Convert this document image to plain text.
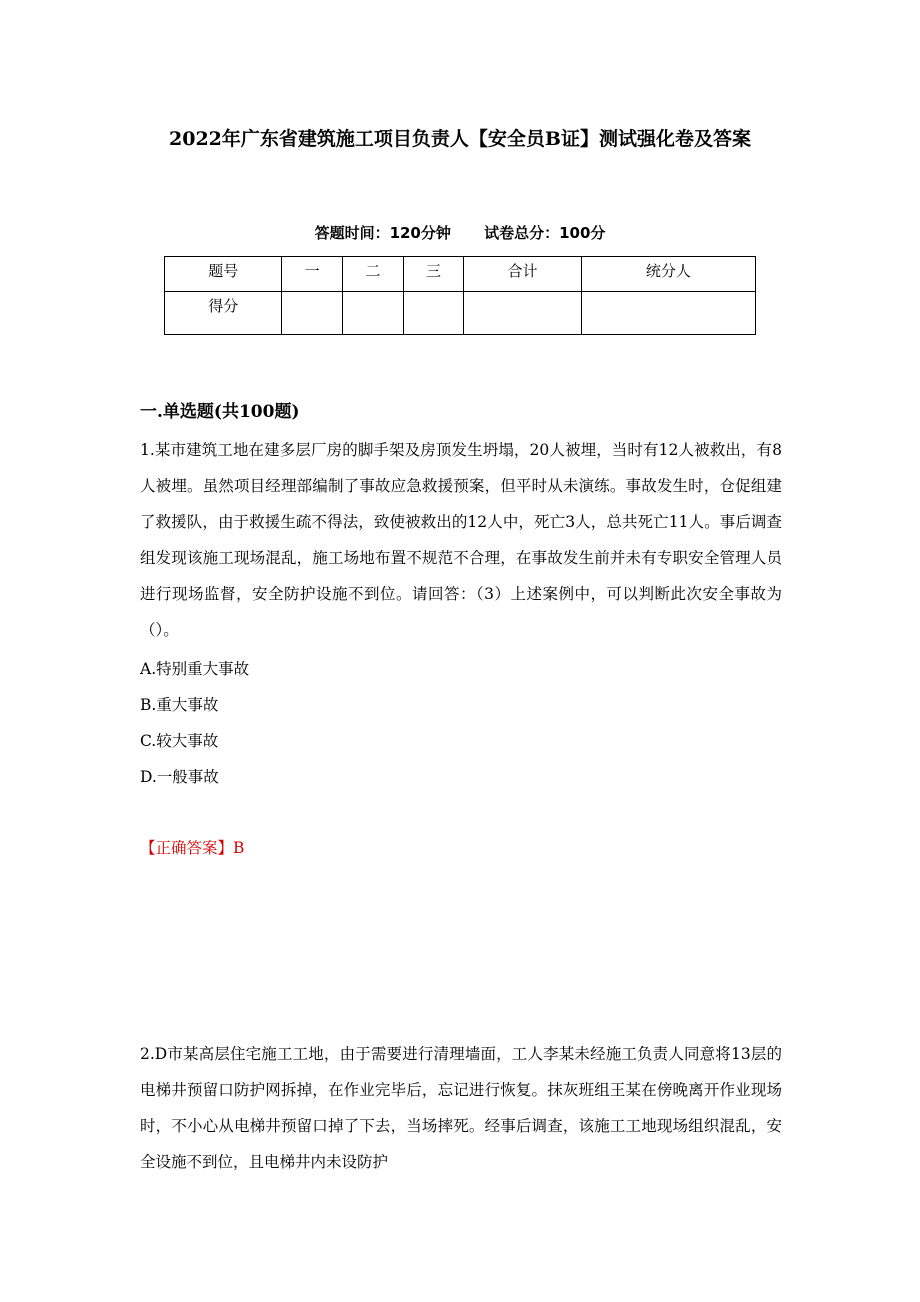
2022年广东省建筑施工项目负责人【安全员B证】测试强化卷及答案
答题时间：120分钟 试卷总分：100分
题号	一	二	三	合计	统分人
得分					
一.单选题(共100题)
1.某市建筑工地在建多层厂房的脚手架及房顶发生坍塌，20人被埋，当时有12人被救出，有8人被埋。虽然项目经理部编制了事故应急救援预案，但平时从未演练。事故发生时，仓促组建了救援队，由于救援生疏不得法，致使被救出的12人中，死亡3人，总共死亡11人。事后调查组发现该施工现场混乱，施工场地布置不规范不合理，在事故发生前并未有专职安全管理人员进行现场监督，安全防护设施不到位。请回答：（3）上述案例中，可以判断此次安全事故为（）。
A.特别重大事故
B.重大事故
C.较大事故
D.一般事故
【正确答案】B
2.D市某高层住宅施工工地，由于需要进行清理墙面，工人李某未经施工负责人同意将13层的电梯井预留口防护网拆掉，在作业完毕后，忘记进行恢复。抹灰班组王某在傍晚离开作业现场时，不小心从电梯井预留口掉了下去，当场摔死。经事后调查，该施工工地现场组织混乱，安全设施不到位，且电梯井内未设防护
